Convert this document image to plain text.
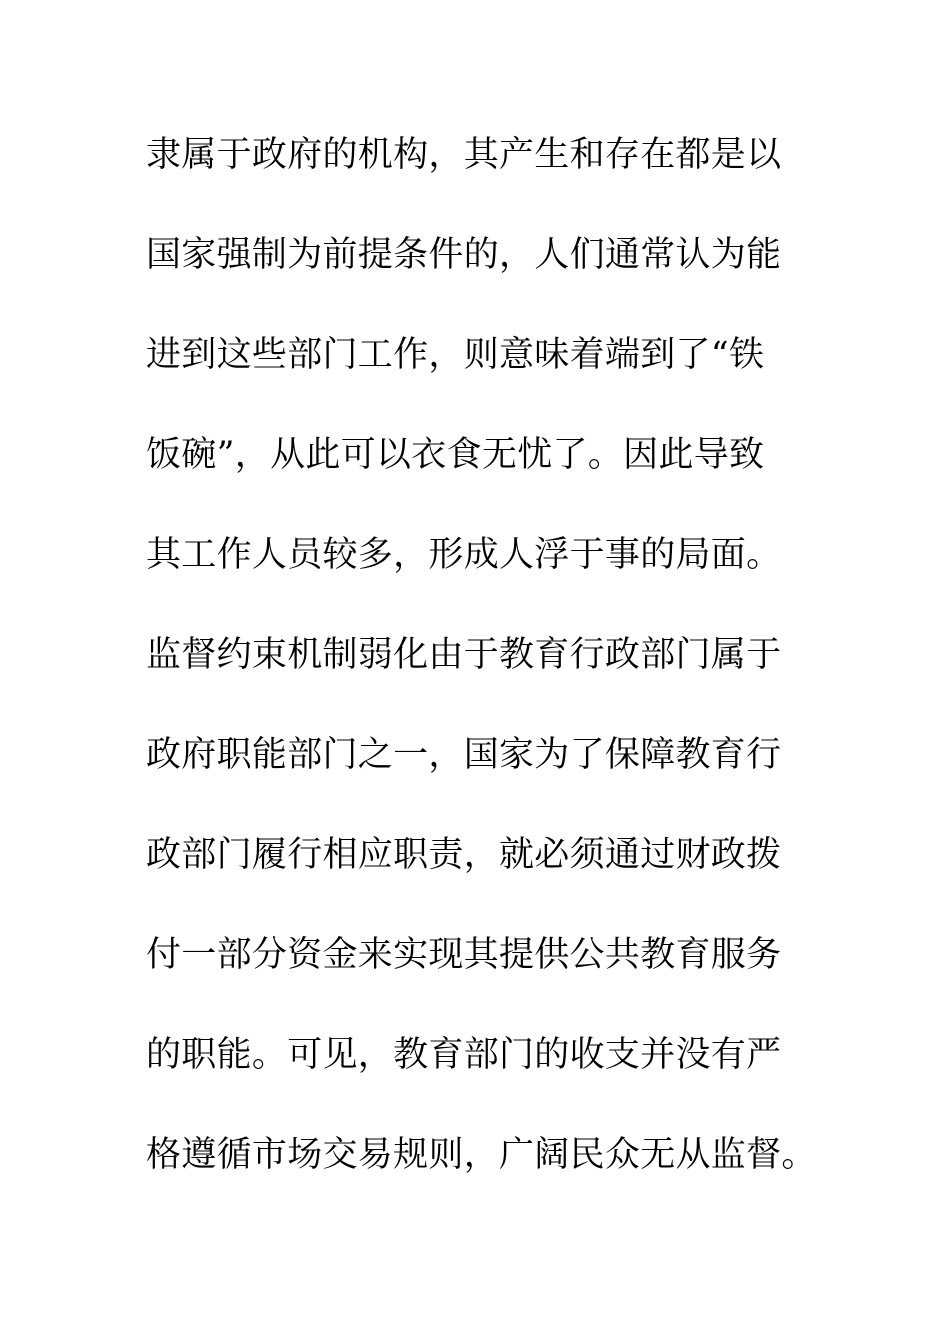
隶属于政府的机构，其产生和存在都是以
国家强制为前提条件的，人们通常认为能
进到这些部门工作，则意味着端到了“铁
饭碗”，从此可以衣食无忧了。因此导致
其工作人员较多，形成人浮于事的局面。
监督约束机制弱化由于教育行政部门属于
政府职能部门之一，国家为了保障教育行
政部门履行相应职责，就必须通过财政拨
付一部分资金来实现其提供公共教育服务
的职能。可见，教育部门的收支并没有严
格遵循市场交易规则，广阔民众无从监督。
